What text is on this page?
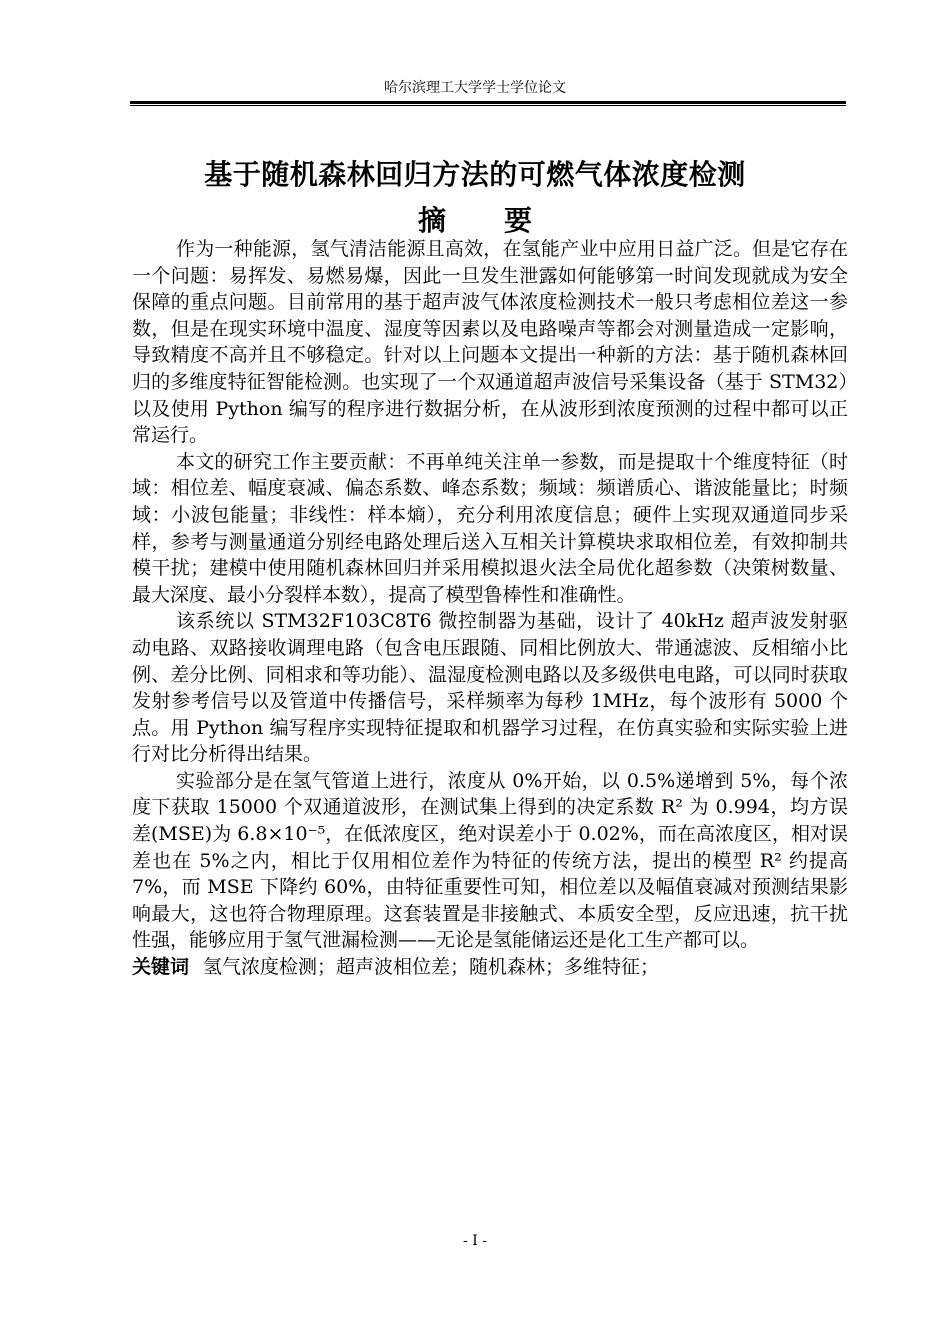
哈尔滨理工大学学士学位论文
基于随机森林回归方法的可燃气体浓度检测
摘 要

作为一种能源，氢气清洁能源且高效，在氢能产业中应用日益广泛。但是它存在一个问题：易挥发、易燃易爆，因此一旦发生泄露如何能够第一时间发现就成为安全保障的重点问题。目前常用的基于超声波气体浓度检测技术一般只考虑相位差这一参数，但是在现实环境中温度、湿度等因素以及电路噪声等都会对测量造成一定影响，导致精度不高并且不够稳定。针对以上问题本文提出一种新的方法：基于随机森林回归的多维度特征智能检测。也实现了一个双通道超声波信号采集设备（基于 STM32）以及使用 Python 编写的程序进行数据分析，在从波形到浓度预测的过程中都可以正常运行。

本文的研究工作主要贡献：不再单纯关注单一参数，而是提取十个维度特征（时域：相位差、幅度衰减、偏态系数、峰态系数；频域：频谱质心、谐波能量比；时频域：小波包能量；非线性：样本熵），充分利用浓度信息；硬件上实现双通道同步采样，参考与测量通道分别经电路处理后送入互相关计算模块求取相位差，有效抑制共模干扰；建模中使用随机森林回归并采用模拟退火法全局优化超参数（决策树数量、最大深度、最小分裂样本数），提高了模型鲁棒性和准确性。

该系统以 STM32F103C8T6 微控制器为基础，设计了 40kHz 超声波发射驱动电路、双路接收调理电路（包含电压跟随、同相比例放大、带通滤波、反相缩小比例、差分比例、同相求和等功能）、温湿度检测电路以及多级供电电路，可以同时获取发射参考信号以及管道中传播信号，采样频率为每秒 1MHz，每个波形有 5000 个点。用 Python 编写程序实现特征提取和机器学习过程，在仿真实验和实际实验上进行对比分析得出结果。

实验部分是在氢气管道上进行，浓度从 0%开始，以 0.5%递增到 5%，每个浓度下获取 15000 个双通道波形，在测试集上得到的决定系数 R² 为 0.994，均方误差(MSE)为 6.8×10⁻⁵，在低浓度区，绝对误差小于 0.02%，而在高浓度区，相对误差也在 5%之内，相比于仅用相位差作为特征的传统方法，提出的模型 R² 约提高 7%，而 MSE 下降约 60%，由特征重要性可知，相位差以及幅值衰减对预测结果影响最大，这也符合物理原理。这套装置是非接触式、本质安全型，反应迅速，抗干扰性强，能够应用于氢气泄漏检测——无论是氢能储运还是化工生产都可以。

关键词 氢气浓度检测；超声波相位差；随机森林；多维特征；

- I -
